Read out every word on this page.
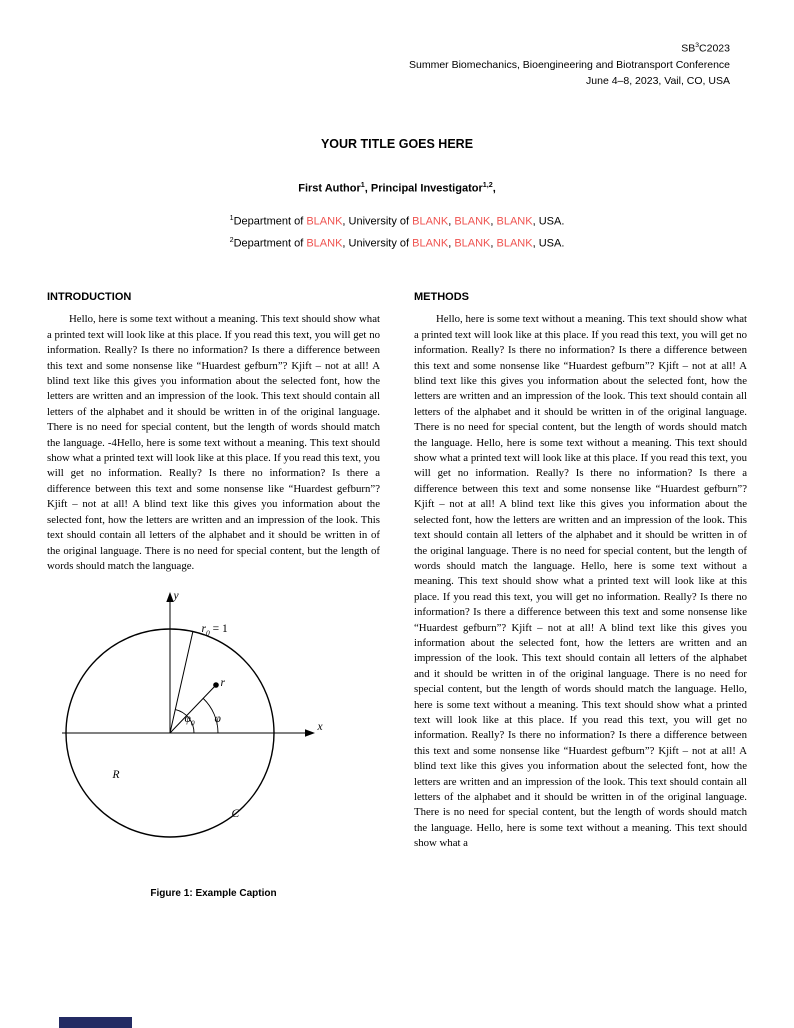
$SB^3C2023$
Summer Biomechanics, Bioengineering and Biotransport Conference
June 4–8, 2023, Vail, CO, USA
YOUR TITLE GOES HERE
First Author$^1$, Principal Investigator$^{1,2}$,
$^1$Department of BLANK, University of BLANK, BLANK, BLANK, USA.
$^2$Department of BLANK, University of BLANK, BLANK, BLANK, USA.
INTRODUCTION

Hello, here is some text without a meaning. This text should show what a printed text will look like at this place. If you read this text, you will get no information. Really? Is there no information? Is there a difference between this text and some nonsense like “Huardest gefburn”? Kjift – not at all! A blind text like this gives you information about the selected font, how the letters are written and an impression of the look. This text should contain all letters of the alphabet and it should be written in of the original language. There is no need for special content, but the length of words should match the language. -4Hello, here is some text without a meaning. This text should show what a printed text will look like at this place. If you read this text, you will get no information. Really? Is there no information? Is there a difference between this text and some nonsense like “Huardest gefburn”? Kjift – not at all! A blind text like this gives you information about the selected font, how the letters are written and an impression of the look. This text should contain all letters of the alphabet and it should be written in of the original language. There is no need for special content, but the length of words should match the language.

y
x
$r_0 = 1$
r
$\varphi_0$ φ
R
C
Figure 1: Example Caption
METHODS

Hello, here is some text without a meaning. This text should show what a printed text will look like at this place. If you read this text, you will get no information. Really? Is there no information? Is there a difference between this text and some nonsense like “Huardest gefburn”? Kjift – not at all! A blind text like this gives you information about the selected font, how the letters are written and an impression of the look. This text should contain all letters of the alphabet and it should be written in of the original language. There is no need for special content, but the length of words should match the language. Hello, here is some text without a meaning. This text should show what a printed text will look like at this place. If you read this text, you will get no information. Really? Is there no information? Is there a difference between this text and some nonsense like “Huardest gefburn”? Kjift – not at all! A blind text like this gives you information about the selected font, how the letters are written and an impression of the look. This text should contain all letters of the alphabet and it should be written in of the original language. There is no need for special content, but the length of words should match the language. Hello, here is some text without a meaning. This text should show what a printed text will look like at this place. If you read this text, you will get no information. Really? Is there no information? Is there a difference between this text and some nonsense like “Huardest gefburn”? Kjift – not at all! A blind text like this gives you information about the selected font, how the letters are written and an impression of the look. This text should contain all letters of the alphabet and it should be written in of the original language. There is no need for special content, but the length of words should match the language. Hello, here is some text without a meaning. This text should show what a printed text will look like at this place. If you read this text, you will get no information. Really? Is there no information? Is there a difference between this text and some nonsense like “Huardest gefburn”? Kjift – not at all! A blind text like this gives you information about the selected font, how the letters are written and an impression of the look. This text should contain all letters of the alphabet and it should be written in of the original language. There is no need for special content, but the length of words should match the language. Hello, here is some text without a meaning. This text should show what a
